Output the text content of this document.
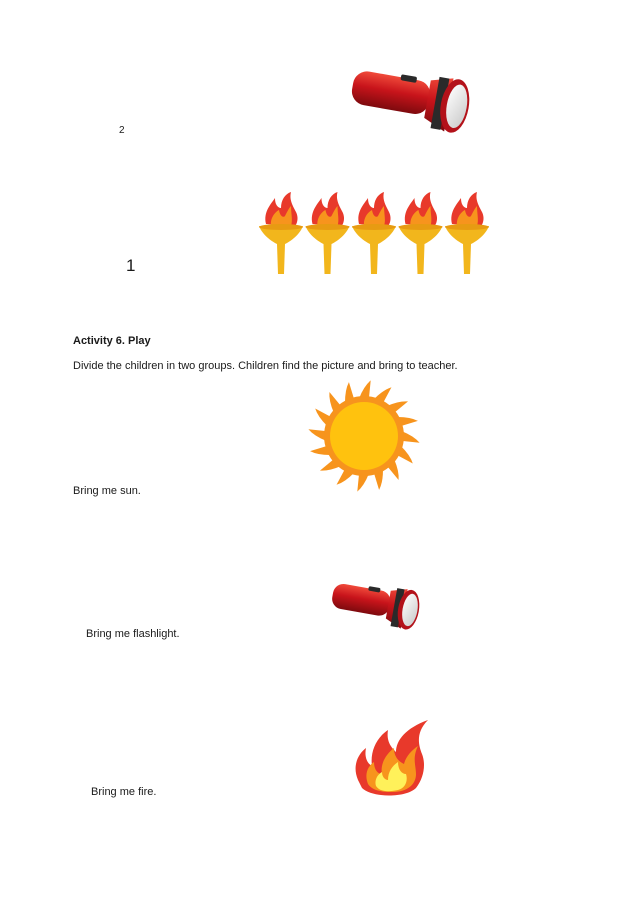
2
1
Activity 6. Play
Divide the children in two groups. Children find the picture and bring to teacher.
Bring me sun.
Bring me flashlight.
Bring me fire.
